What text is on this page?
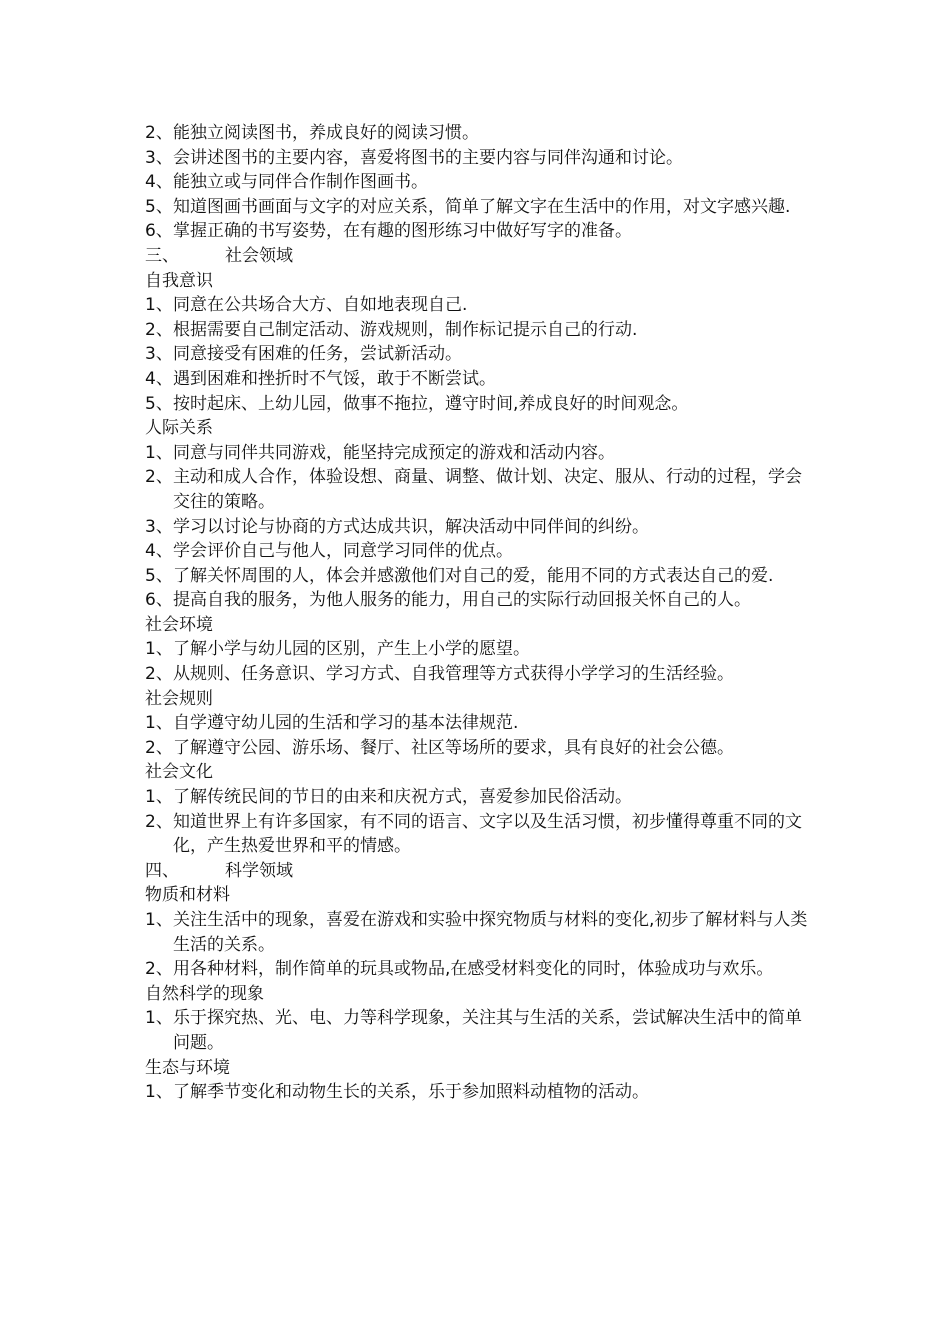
2、能独立阅读图书，养成良好的阅读习惯。
3、会讲述图书的主要内容，喜爱将图书的主要内容与同伴沟通和讨论。
4、能独立或与同伴合作制作图画书。
5、知道图画书画面与文字的对应关系，简单了解文字在生活中的作用，对文字感兴趣.
6、掌握正确的书写姿势，在有趣的图形练习中做好写字的准备。
三、	社会领域
自我意识
1、同意在公共场合大方、自如地表现自己.
2、根据需要自己制定活动、游戏规则，制作标记提示自己的行动.
3、同意接受有困难的任务，尝试新活动。
4、遇到困难和挫折时不气馁，敢于不断尝试。
5、按时起床、上幼儿园，做事不拖拉，遵守时间,养成良好的时间观念。
人际关系
1、同意与同伴共同游戏，能坚持完成预定的游戏和活动内容。
2、主动和成人合作，体验设想、商量、调整、做计划、决定、服从、行动的过程，学会交往的策略。
3、学习以讨论与协商的方式达成共识，解决活动中同伴间的纠纷。
4、学会评价自己与他人，同意学习同伴的优点。
5、了解关怀周围的人，体会并感激他们对自己的爱，能用不同的方式表达自己的爱.
6、提高自我的服务，为他人服务的能力，用自己的实际行动回报关怀自己的人。
社会环境
1、了解小学与幼儿园的区别，产生上小学的愿望。
2、从规则、任务意识、学习方式、自我管理等方式获得小学学习的生活经验。
社会规则
1、自学遵守幼儿园的生活和学习的基本法律规范.
2、了解遵守公园、游乐场、餐厅、社区等场所的要求，具有良好的社会公德。
社会文化
1、了解传统民间的节日的由来和庆祝方式，喜爱参加民俗活动。
2、知道世界上有许多国家，有不同的语言、文字以及生活习惯，初步懂得尊重不同的文化，产生热爱世界和平的情感。
四、	科学领域
物质和材料
1、关注生活中的现象，喜爱在游戏和实验中探究物质与材料的变化,初步了解材料与人类生活的关系。
2、用各种材料，制作简单的玩具或物品,在感受材料变化的同时，体验成功与欢乐。
自然科学的现象
1、乐于探究热、光、电、力等科学现象，关注其与生活的关系，尝试解决生活中的简单问题。
生态与环境
1、了解季节变化和动物生长的关系，乐于参加照料动植物的活动。
